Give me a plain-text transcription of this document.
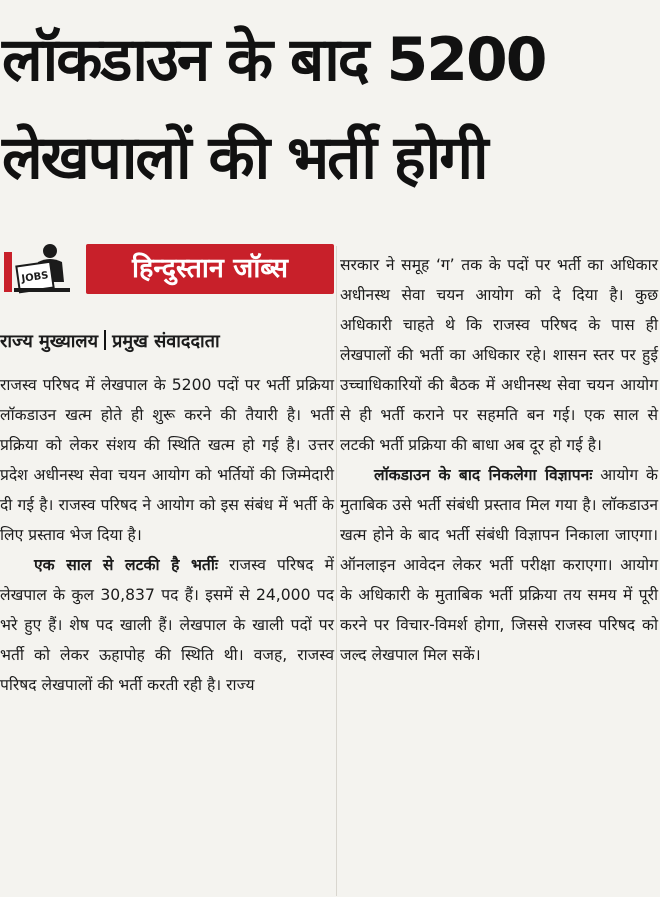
लॉकडाउन के बाद 5200
लेखपालों की भर्ती होगी
JOBS	हिन्दुस्तान जॉब्स
राज्य मुख्यालय प्रमुख संवाददाता

राजस्व परिषद में लेखपाल के 5200 पदों पर भर्ती प्रक्रिया लॉकडाउन खत्म होते ही शुरू करने की तैयारी है। भर्ती प्रक्रिया को लेकर संशय की स्थिति खत्म हो गई है। उत्तर प्रदेश अधीनस्थ सेवा चयन आयोग को भर्तियों की जिम्मेदारी दी गई है। राजस्व परिषद ने आयोग को इस संबंध में भर्ती के लिए प्रस्ताव भेज दिया है।

एक साल से लटकी है भर्तीः राजस्व परिषद में लेखपाल के कुल 30,837 पद हैं। इसमें से 24,000 पद भरे हुए हैं। शेष पद खाली हैं। लेखपाल के खाली पदों पर भर्ती को लेकर ऊहापोह की स्थिति थी। वजह, राजस्व परिषद लेखपालों की भर्ती करती रही है। राज्य

सरकार ने समूह ‘ग’ तक के पदों पर भर्ती का अधिकार अधीनस्थ सेवा चयन आयोग को दे दिया है। कुछ अधिकारी चाहते थे कि राजस्व परिषद के पास ही लेखपालों की भर्ती का अधिकार रहे। शासन स्तर पर हुई उच्चाधिकारियों की बैठक में अधीनस्थ सेवा चयन आयोग से ही भर्ती कराने पर सहमति बन गई। एक साल से लटकी भर्ती प्रक्रिया की बाधा अब दूर हो गई है।

लॉकडाउन के बाद निकलेगा विज्ञापनः आयोग के मुताबिक उसे भर्ती संबंधी प्रस्ताव मिल गया है। लॉकडाउन खत्म होने के बाद भर्ती संबंधी विज्ञापन निकाला जाएगा। ऑनलाइन आवेदन लेकर भर्ती परीक्षा कराएगा। आयोग के अधिकारी के मुताबिक भर्ती प्रक्रिया तय समय में पूरी करने पर विचार-विमर्श होगा, जिससे राजस्व परिषद को जल्द लेखपाल मिल सकें।
